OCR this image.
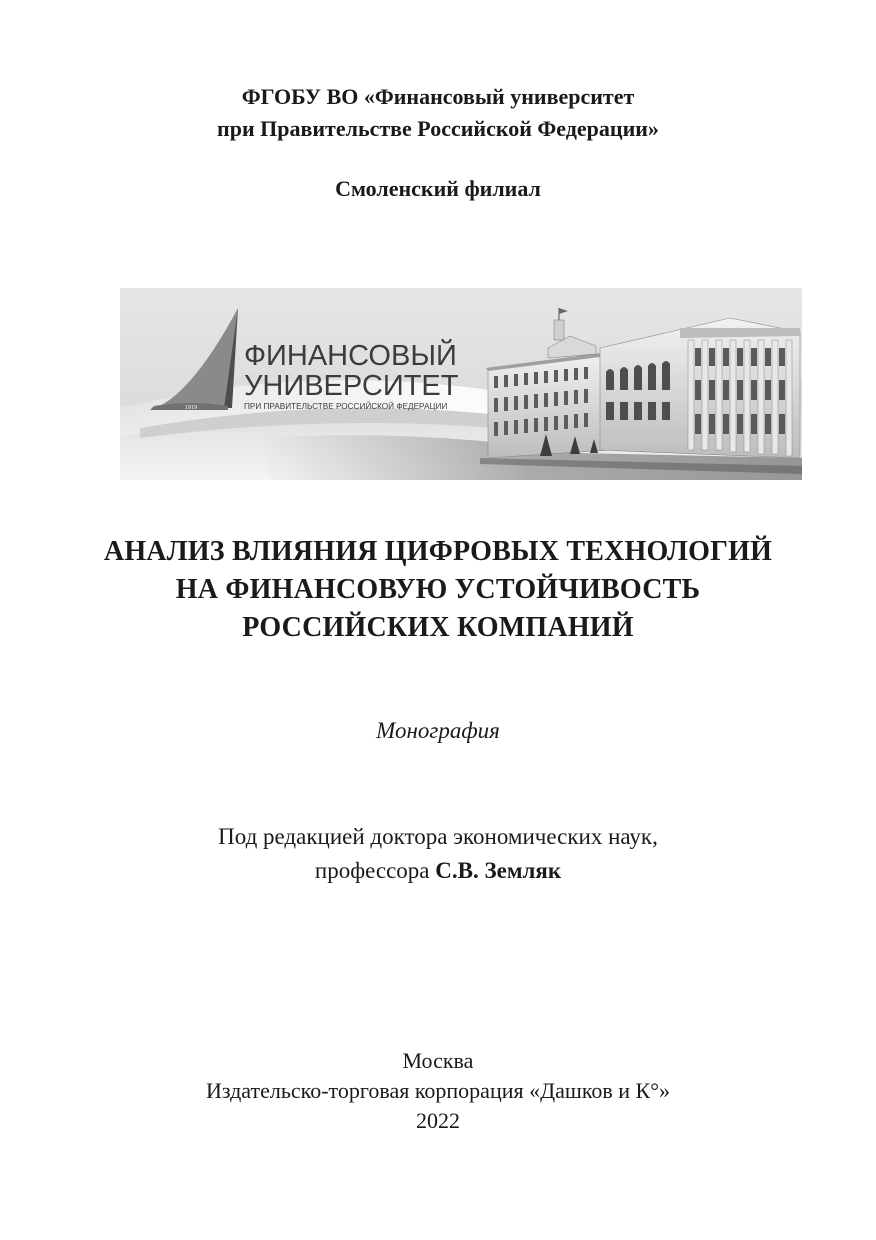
ФГОБУ ВО «Финансовый университет
при Правительстве Российской Федерации»
Смоленский филиал
1919
ФИНАНСОВЫЙ
УНИВЕРСИТЕТ
ПРИ ПРАВИТЕЛЬСТВЕ РОССИЙСКОЙ ФЕДЕРАЦИИ
АНАЛИЗ ВЛИЯНИЯ ЦИФРОВЫХ ТЕХНОЛОГИЙ
НА ФИНАНСОВУЮ УСТОЙЧИВОСТЬ
РОССИЙСКИХ КОМПАНИЙ
Монография
Под редакцией доктора экономических наук,
профессора С.В. Земляк
Москва
Издательско-торговая корпорация «Дашков и К°»
2022
